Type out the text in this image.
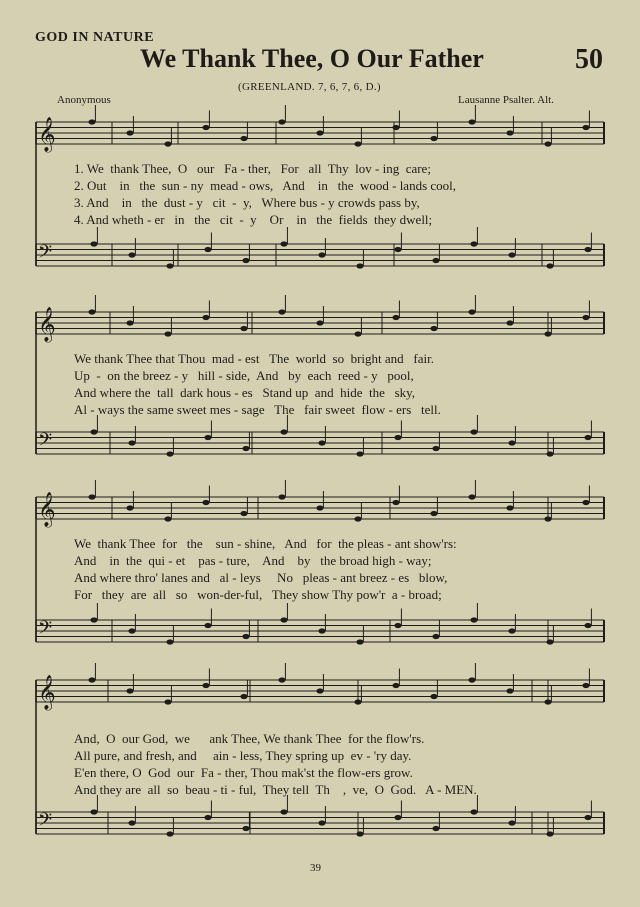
GOD IN NATURE
We Thank Thee, O Our Father	50
(GREENLAND. 7, 6, 7, 6, D.)
Anonymous	Lausanne Psalter. Alt.
𝄞
𝄢
𝄞
𝄢
𝄞
𝄢
𝄞
𝄢
1. We  thank Thee,  O   our   Fa - ther,   For   all  Thy  lov - ing  care;
2. Out    in   the  sun - ny  mead - ows,   And    in   the  wood - lands cool,
3. And    in   the  dust - y   cit  -  y,   Where bus - y crowds pass by,
4. And wheth - er   in   the   cit  -  y    Or    in   the  fields  they dwell;
We thank Thee that Thou  mad - est   The  world  so  bright and   fair.
Up  -  on the breez - y   hill - side,  And   by  each  reed - y   pool,
And where the  tall  dark hous - es   Stand up  and  hide  the   sky,
Al - ways the same sweet mes - sage   The   fair sweet  flow - ers   tell.
We  thank Thee  for   the    sun - shine,   And   for  the pleas - ant show'rs:
And    in  the  qui - et    pas - ture,    And    by   the broad high - way;
And where thro' lanes and   al - leys     No   pleas - ant breez - es   blow,
For   they  are  all   so   won-der-ful,   They show Thy pow'r  a - broad;
And,  O  our God,  we      ank Thee, We thank Thee  for the flow'rs.
All pure, and fresh, and     ain - less, They spring up  ev - 'ry day.
E'en there, O  God  our  Fa - ther, Thou mak'st the flow-ers grow.
And they are  all  so  beau - ti - ful,  They tell  Th    ,  ve,  O  God.   A - MEN.
39
